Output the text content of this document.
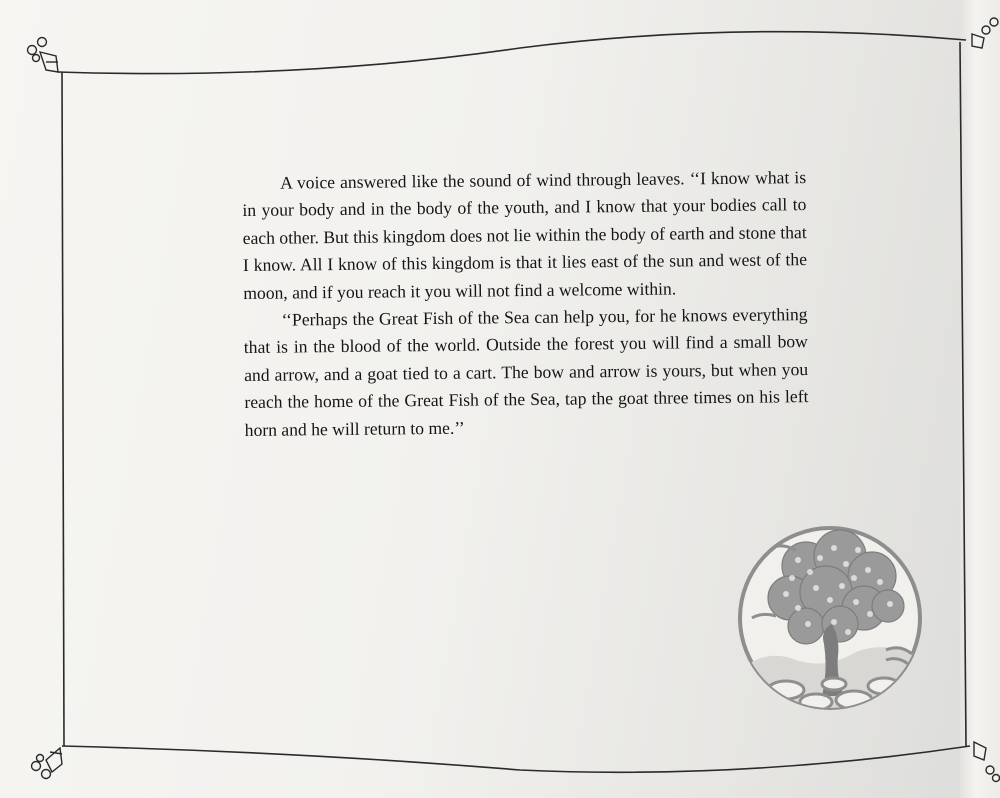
A voice answered like the sound of wind through leaves. ‘‘I know what is in your body and in the body of the youth, and I know that your bodies call to each other. But this kingdom does not lie within the body of earth and stone that I know. All I know of this kingdom is that it lies east of the sun and west of the moon, and if you reach it you will not find a welcome within.

‘‘Perhaps the Great Fish of the Sea can help you, for he knows everything that is in the blood of the world. Outside the forest you will find a small bow and arrow, and a goat tied to a cart. The bow and arrow is yours, but when you reach the home of the Great Fish of the Sea, tap the goat three times on his left horn and he will return to me.’’
